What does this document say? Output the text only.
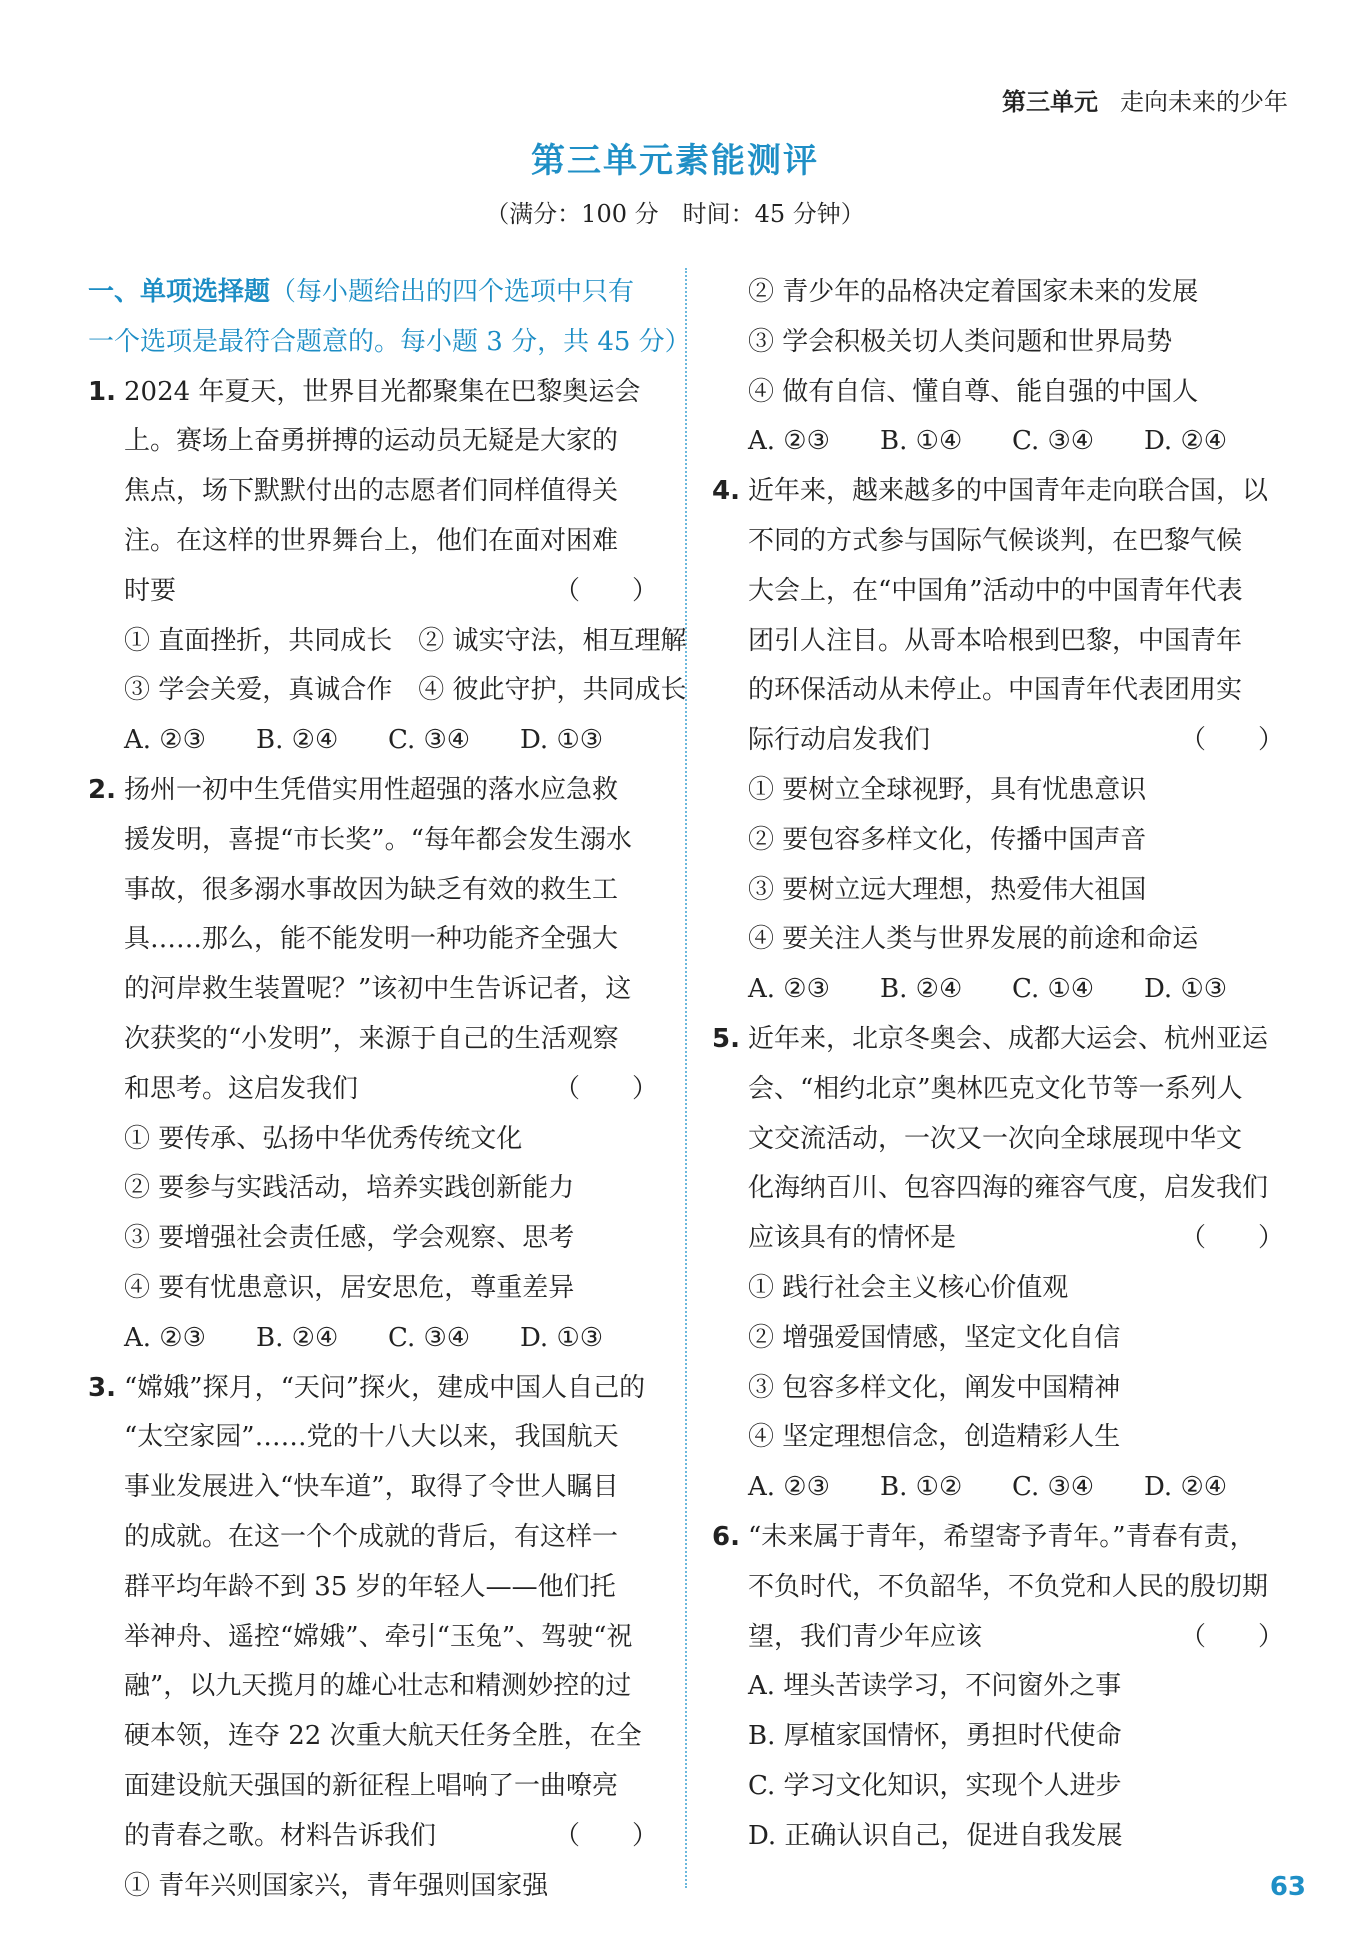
第三单元 走向未来的少年
第三单元素能测评
（满分：100 分　时间：45 分钟）
一、单项选择题（每小题给出的四个选项中只有
一个选项是最符合题意的。每小题 3 分，共 45 分）
1. 2024 年夏天，世界目光都聚集在巴黎奥运会
上。赛场上奋勇拼搏的运动员无疑是大家的
焦点，场下默默付出的志愿者们同样值得关
注。在这样的世界舞台上，他们在面对困难
时要	（　　）
① 直面挫折，共同成长　② 诚实守法，相互理解
③ 学会关爱，真诚合作　④ 彼此守护，共同成长
A. ②③ B. ②④ C. ③④ D. ①③
2. 扬州一初中生凭借实用性超强的落水应急救
援发明，喜提“市长奖”。“每年都会发生溺水
事故，很多溺水事故因为缺乏有效的救生工
具……那么，能不能发明一种功能齐全强大
的河岸救生装置呢？”该初中生告诉记者，这
次获奖的“小发明”，来源于自己的生活观察
和思考。这启发我们	（　　）
① 要传承、弘扬中华优秀传统文化
② 要参与实践活动，培养实践创新能力
③ 要增强社会责任感，学会观察、思考
④ 要有忧患意识，居安思危，尊重差异
A. ②③ B. ②④ C. ③④ D. ①③
3. “嫦娥”探月，“天问”探火，建成中国人自己的
“太空家园”……党的十八大以来，我国航天
事业发展进入“快车道”，取得了令世人瞩目
的成就。在这一个个成就的背后，有这样一
群平均年龄不到 35 岁的年轻人——他们托
举神舟、遥控“嫦娥”、牵引“玉兔”、驾驶“祝
融”，以九天揽月的雄心壮志和精测妙控的过
硬本领，连夺 22 次重大航天任务全胜，在全
面建设航天强国的新征程上唱响了一曲嘹亮
的青春之歌。材料告诉我们	（　　）
① 青年兴则国家兴，青年强则国家强
② 青少年的品格决定着国家未来的发展
③ 学会积极关切人类问题和世界局势
④ 做有自信、懂自尊、能自强的中国人
A. ②③ B. ①④ C. ③④ D. ②④
4. 近年来，越来越多的中国青年走向联合国，以
不同的方式参与国际气候谈判，在巴黎气候
大会上，在“中国角”活动中的中国青年代表
团引人注目。从哥本哈根到巴黎，中国青年
的环保活动从未停止。中国青年代表团用实
际行动启发我们	（　　）
① 要树立全球视野，具有忧患意识
② 要包容多样文化，传播中国声音
③ 要树立远大理想，热爱伟大祖国
④ 要关注人类与世界发展的前途和命运
A. ②③ B. ②④ C. ①④ D. ①③
5. 近年来，北京冬奥会、成都大运会、杭州亚运
会、“相约北京”奥林匹克文化节等一系列人
文交流活动，一次又一次向全球展现中华文
化海纳百川、包容四海的雍容气度，启发我们
应该具有的情怀是	（　　）
① 践行社会主义核心价值观
② 增强爱国情感，坚定文化自信
③ 包容多样文化，阐发中国精神
④ 坚定理想信念，创造精彩人生
A. ②③ B. ①② C. ③④ D. ②④
6. “未来属于青年，希望寄予青年。”青春有责，
不负时代，不负韶华，不负党和人民的殷切期
望，我们青少年应该	（　　）
A. 埋头苦读学习，不问窗外之事
B. 厚植家国情怀，勇担时代使命
C. 学习文化知识，实现个人进步
D. 正确认识自己，促进自我发展
63
